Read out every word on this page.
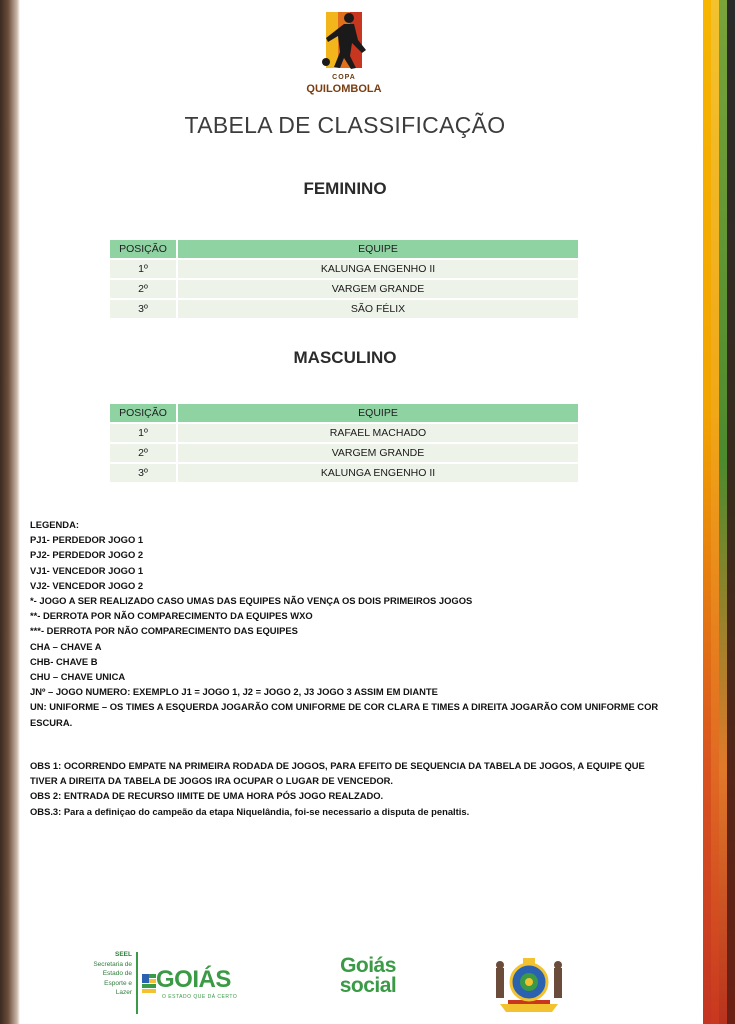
COPA
QUILOMBOLA
TABELA DE CLASSIFICAÇÃO
FEMININO
POSIÇÃO	EQUIPE
1º	KALUNGA ENGENHO II
2º	VARGEM GRANDE
3º	SÃO FÉLIX
MASCULINO
POSIÇÃO	EQUIPE
1º	RAFAEL MACHADO
2º	VARGEM GRANDE
3º	KALUNGA ENGENHO II
LEGENDA:
PJ1- PERDEDOR JOGO 1
PJ2- PERDEDOR JOGO 2
VJ1- VENCEDOR JOGO 1
VJ2- VENCEDOR JOGO 2
*- JOGO A SER REALIZADO CASO UMAS DAS EQUIPES NÃO VENÇA OS DOIS PRIMEIROS JOGOS
**- DERROTA POR NÃO COMPARECIMENTO DA EQUIPES WXO
***- DERROTA POR NÃO COMPARECIMENTO DAS EQUIPES
CHA – CHAVE A
CHB- CHAVE B
CHU – CHAVE UNICA
JNº – JOGO NUMERO: EXEMPLO J1 = JOGO 1, J2 = JOGO 2, J3 JOGO 3 ASSIM EM DIANTE
UN: UNIFORME – OS TIMES A ESQUERDA JOGARÃO COM UNIFORME DE COR CLARA E TIMES A DIREITA JOGARÃO COM UNIFORME COR ESCURA.
OBS 1: OCORRENDO EMPATE NA PRIMEIRA RODADA DE JOGOS, PARA EFEITO DE SEQUENCIA DA TABELA DE JOGOS, A EQUIPE QUE TIVER A DIREITA DA TABELA DE JOGOS IRA OCUPAR O LUGAR DE VENCEDOR.
OBS 2: ENTRADA DE RECURSO lIMITE DE UMA HORA PÓS JOGO REALZADO.
OBS.3: Para a definiçao do campeão da etapa Niquelândia, foi-se necessario a disputa de penaltis.
SEEL
Secretaria de
Estado de
Esporte e
Lazer GOIÁS
O ESTADO QUE DÁ CERTO
Goiás
social
